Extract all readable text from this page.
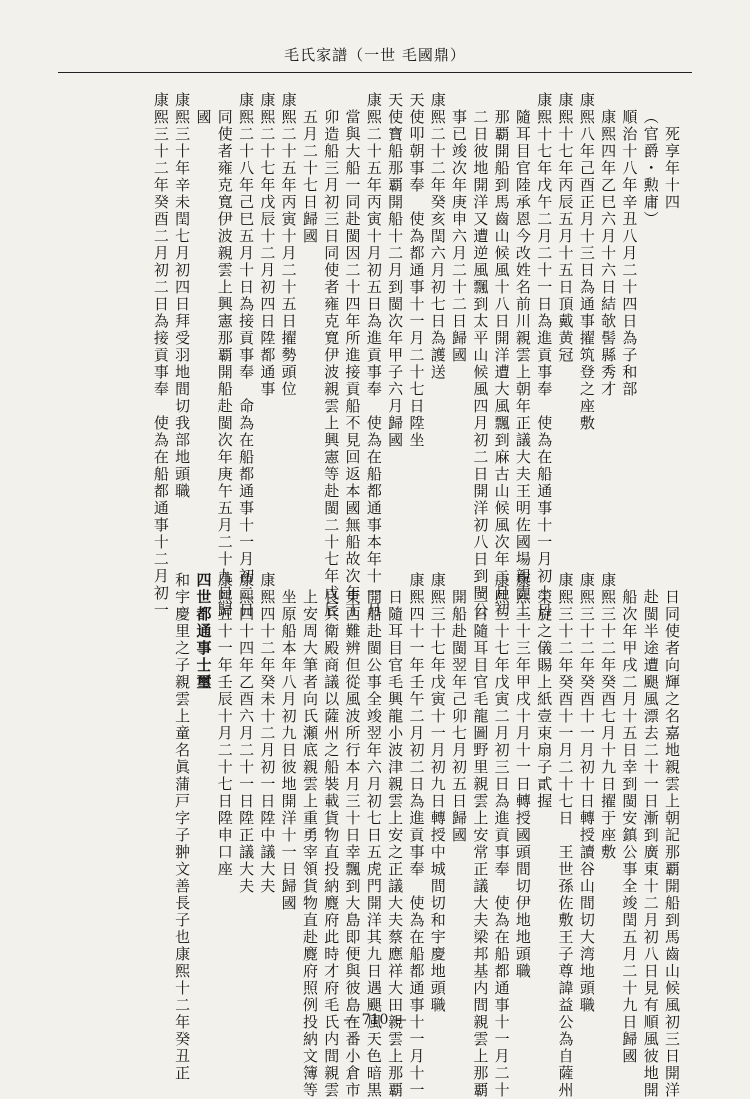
毛氏家譜（一世 毛國鼎）
死享年十四
（官爵・勲庸）
順治十八年辛丑八月二十四日為子和部
康熙四年乙巳六月十六日結欹髻縣秀才
康熙八年己酉正月十三日為通事擢筑登之座敷
康熙十七年丙辰五月十五日頂戴黄冠
康熙十七年戊午二月二十一日為進貢事奉　使為在船通事十一月初十日
隨耳目官陸承恩今改姓名前川親雲上朝年正議大夫王明佐國場親雲上
那覇開船到馬齒山候風十八日開洋遭大風飄到麻古山候風次年二月初
二日彼地開洋又遭逆風飄到太平山候風四月初二日開洋初八日到閩公
事已竣次年庚申六月二十二日歸國
康熙二十二年癸亥閏六月初七日為護送
天使叩朝事奉　使為都通事十一月二十七日陞坐
天使寶船那覇開船十二月到閩次年甲子六月歸國
康熙二十五年丙寅十月初五日為進貢事奉　使為在船都通事本年十一月
當與大船一同赴閩因二十四年所進接貢船不見回返本國無船故次年丁
卯造船三月初三日同使者雍克寬伊波親雲上興憲等赴閩二十七年戊辰
五月二十七日歸國
康熙二十五年丙寅十月二十五日擢勢頭位
康熙二十七年戊辰十二月初四日陞都通事
康熙二十八年己巳五月十日為接貢事奉　命為在船都通事十一月初二日
同使者雍克寬伊波親雲上興憲那覇開船赴閩次年庚午五月二十九日歸
國
康熙三十年辛未閏七月初四日拜受羽地間切我部地頭職
康熙三十二年癸酉二月初二日為接貢事奉　使為在船都通事十二月初一
日同使者向輝之名嘉地親雲上朝記那覇開船到馬齒山候風初三日開洋
赴閩半途遭颶風漂去二十一日漸到廣東十二月初八日見有順風彼地開
船次年甲戌二月十五日幸到閩安鎮公事全竣閏五月二十九日歸國
康熙三十二年癸酉七月十九日擢于座敷
康熙三十二年癸酉十一月初十日轉授讀谷山間切大湾地頭職
康熙三十二年癸酉十一月二十七日　王世孫佐敷王子尊諱益公為自薩州
榮旋之儀賜上紙壹束扇子貳握
康熙三十三年甲戌十月十一日轉授國頭間切伊地地頭職
康熙三十七年戊寅二月初三日為進貢事奉　使為在船都通事十一月二十
二日隨耳目官毛龍圖野里親雲上安常正議大夫梁邦基内間親雲上那覇
開船赴閩翌年己卯七月初五日歸國
康熙三十七年戊寅十一月初九日轉授中城間切和宇慶地頭職
康熙四十一年壬午二月初二日為進貢事奉　使為在船都通事十一月十一
日隨耳目官毛興龍小波津親雲上安之正議大夫蔡應祥大田親雲上那覇
開船赴閩公事全竣翌年六月初七日五虎門開洋其九日遇颶風天色暗黒
東西難辨但從風波所行本月三十日幸飄到大島即便與彼島在番小倉市
良兵衛殿商議以薩州之船裝載貨物直投納麑府此時才府毛氏内間親雲
上安周大筆者向氏瀬底親雲上重勇宰領貨物直赴麑府照例投納文簿等
坐原船本年八月初九日彼地開洋十一日歸國
康熙四十二年癸未十二月初一日陞中議大夫
康熙四十四年乙酉六月二十一日陞正議大夫
康熙五十一年壬辰十月二十七日陞申口座
四世都通事士璽
和宇慶里之子親雲上童名眞蒲戸字子翀文善長子也康熙十二年癸丑正	— 710 —
